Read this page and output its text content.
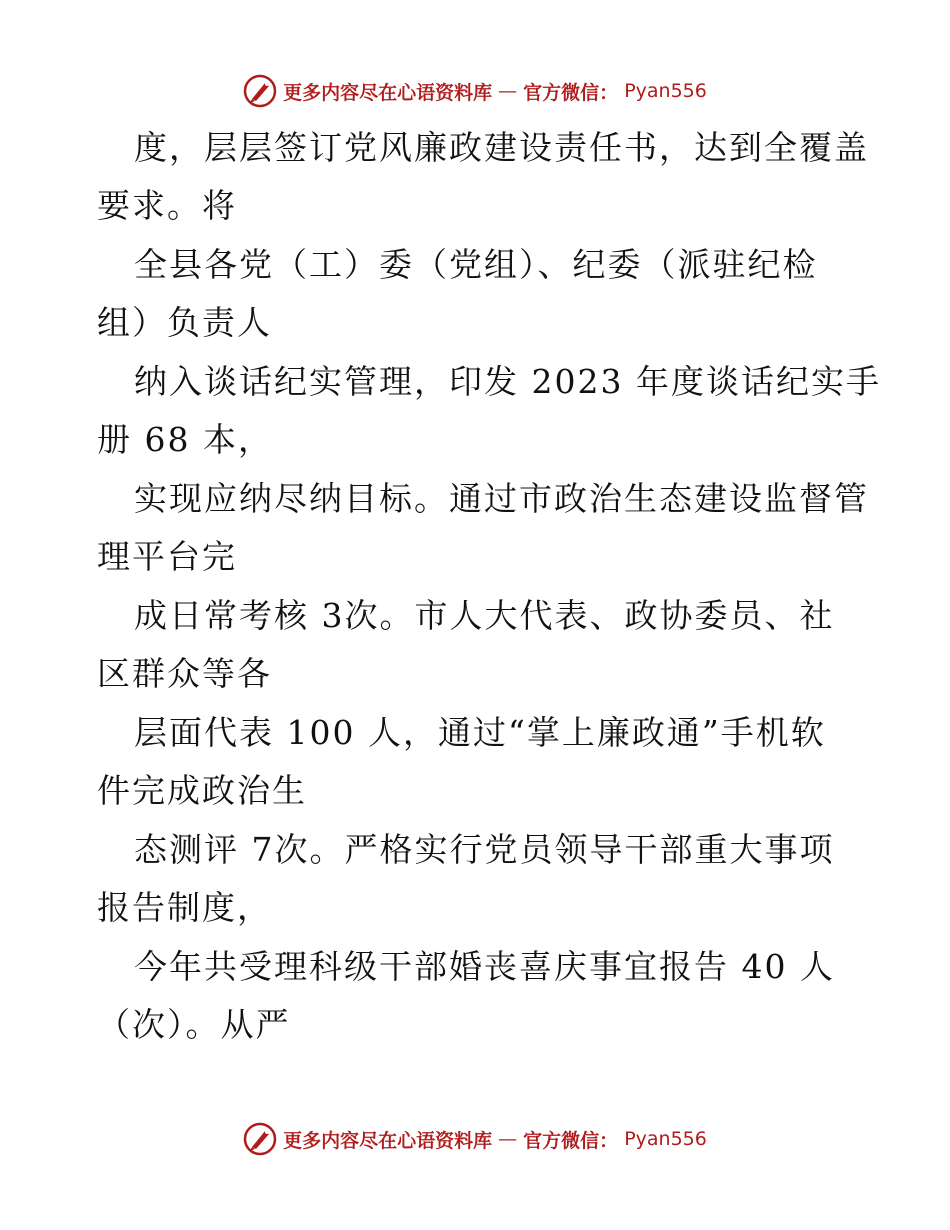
更多内容尽在心语资料库 — 官方微信： Pyan556
度，层层签订党风廉政建设责任书，达到全覆盖
要求。将
全县各党（工）委（党组）、纪委（派驻纪检
组）负责人
纳入谈话纪实管理，印发 2023 年度谈话纪实手
册 68 本，
实现应纳尽纳目标。通过市政治生态建设监督管
理平台完
成日常考核 3次。市人大代表、政协委员、社
区群众等各
层面代表 100 人，通过“掌上廉政通”手机软
件完成政治生
态测评 7次。严格实行党员领导干部重大事项
报告制度，
今年共受理科级干部婚丧喜庆事宜报告 40 人
（次）。从严
更多内容尽在心语资料库 — 官方微信： Pyan556
